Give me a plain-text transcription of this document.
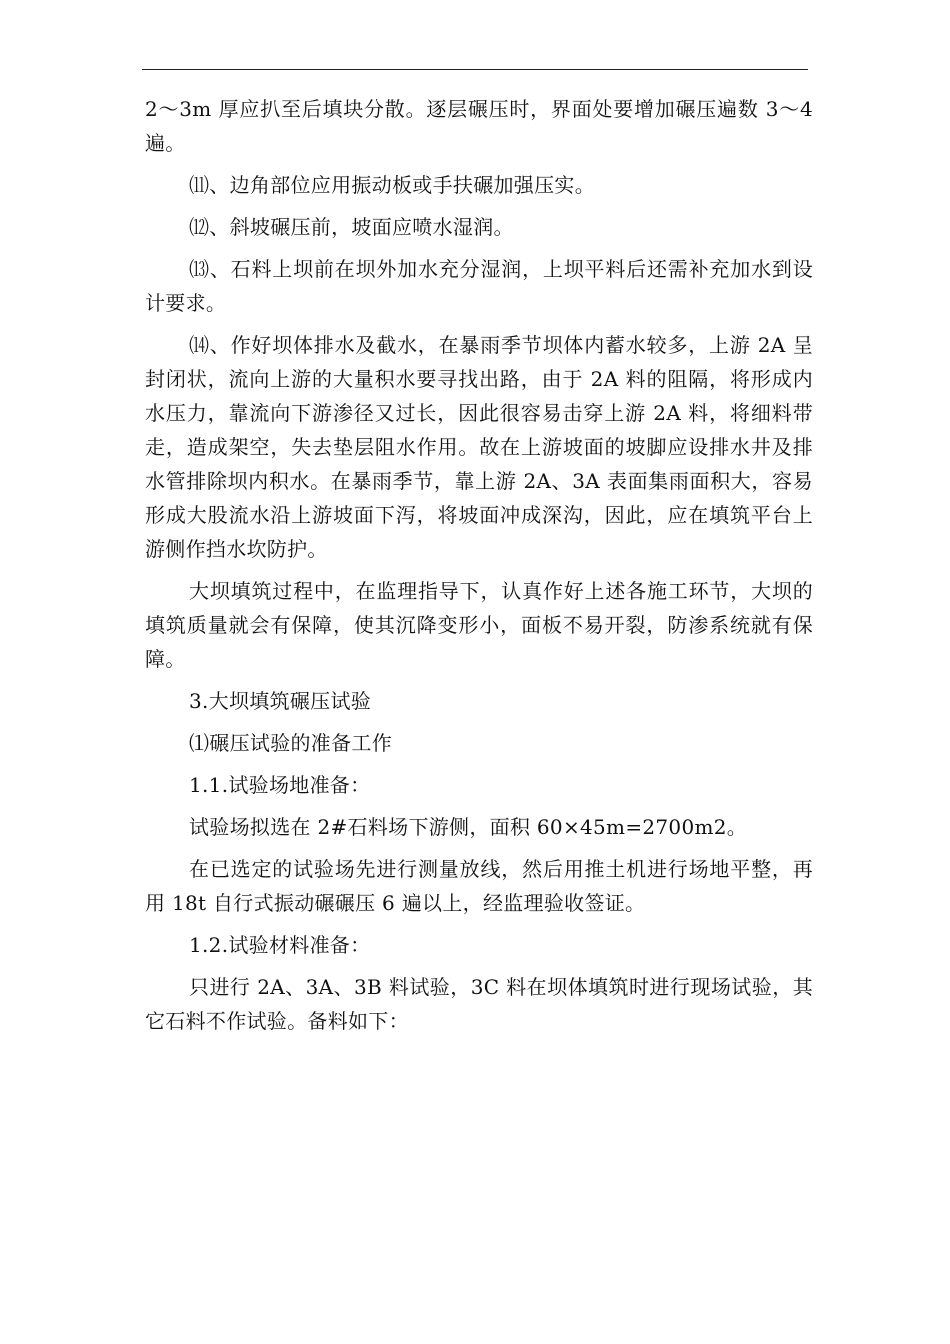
2～3m 厚应扒至后填块分散。逐层碾压时，界面处要增加碾压遍数 3～4 遍。

⑾、边角部位应用振动板或手扶碾加强压实。

⑿、斜坡碾压前，坡面应喷水湿润。

⒀、石料上坝前在坝外加水充分湿润，上坝平料后还需补充加水到设计要求。

⒁、作好坝体排水及截水，在暴雨季节坝体内蓄水较多，上游 2A 呈封闭状，流向上游的大量积水要寻找出路，由于 2A 料的阻隔，将形成内水压力，靠流向下游渗径又过长，因此很容易击穿上游 2A 料，将细料带走，造成架空，失去垫层阻水作用。故在上游坡面的坡脚应设排水井及排水管排除坝内积水。在暴雨季节，靠上游 2A、3A 表面集雨面积大，容易形成大股流水沿上游坡面下泻，将坡面冲成深沟，因此，应在填筑平台上游侧作挡水坎防护。

大坝填筑过程中，在监理指导下，认真作好上述各施工环节，大坝的填筑质量就会有保障，使其沉降变形小，面板不易开裂，防渗系统就有保障。

3.大坝填筑碾压试验

⑴碾压试验的准备工作

1.1.试验场地准备：

试验场拟选在 2#石料场下游侧，面积 60×45m=2700m2。

在已选定的试验场先进行测量放线，然后用推土机进行场地平整，再用 18t 自行式振动碾碾压 6 遍以上，经监理验收签证。

1.2.试验材料准备：

只进行 2A、3A、3B 料试验，3C 料在坝体填筑时进行现场试验，其它石料不作试验。备料如下：
